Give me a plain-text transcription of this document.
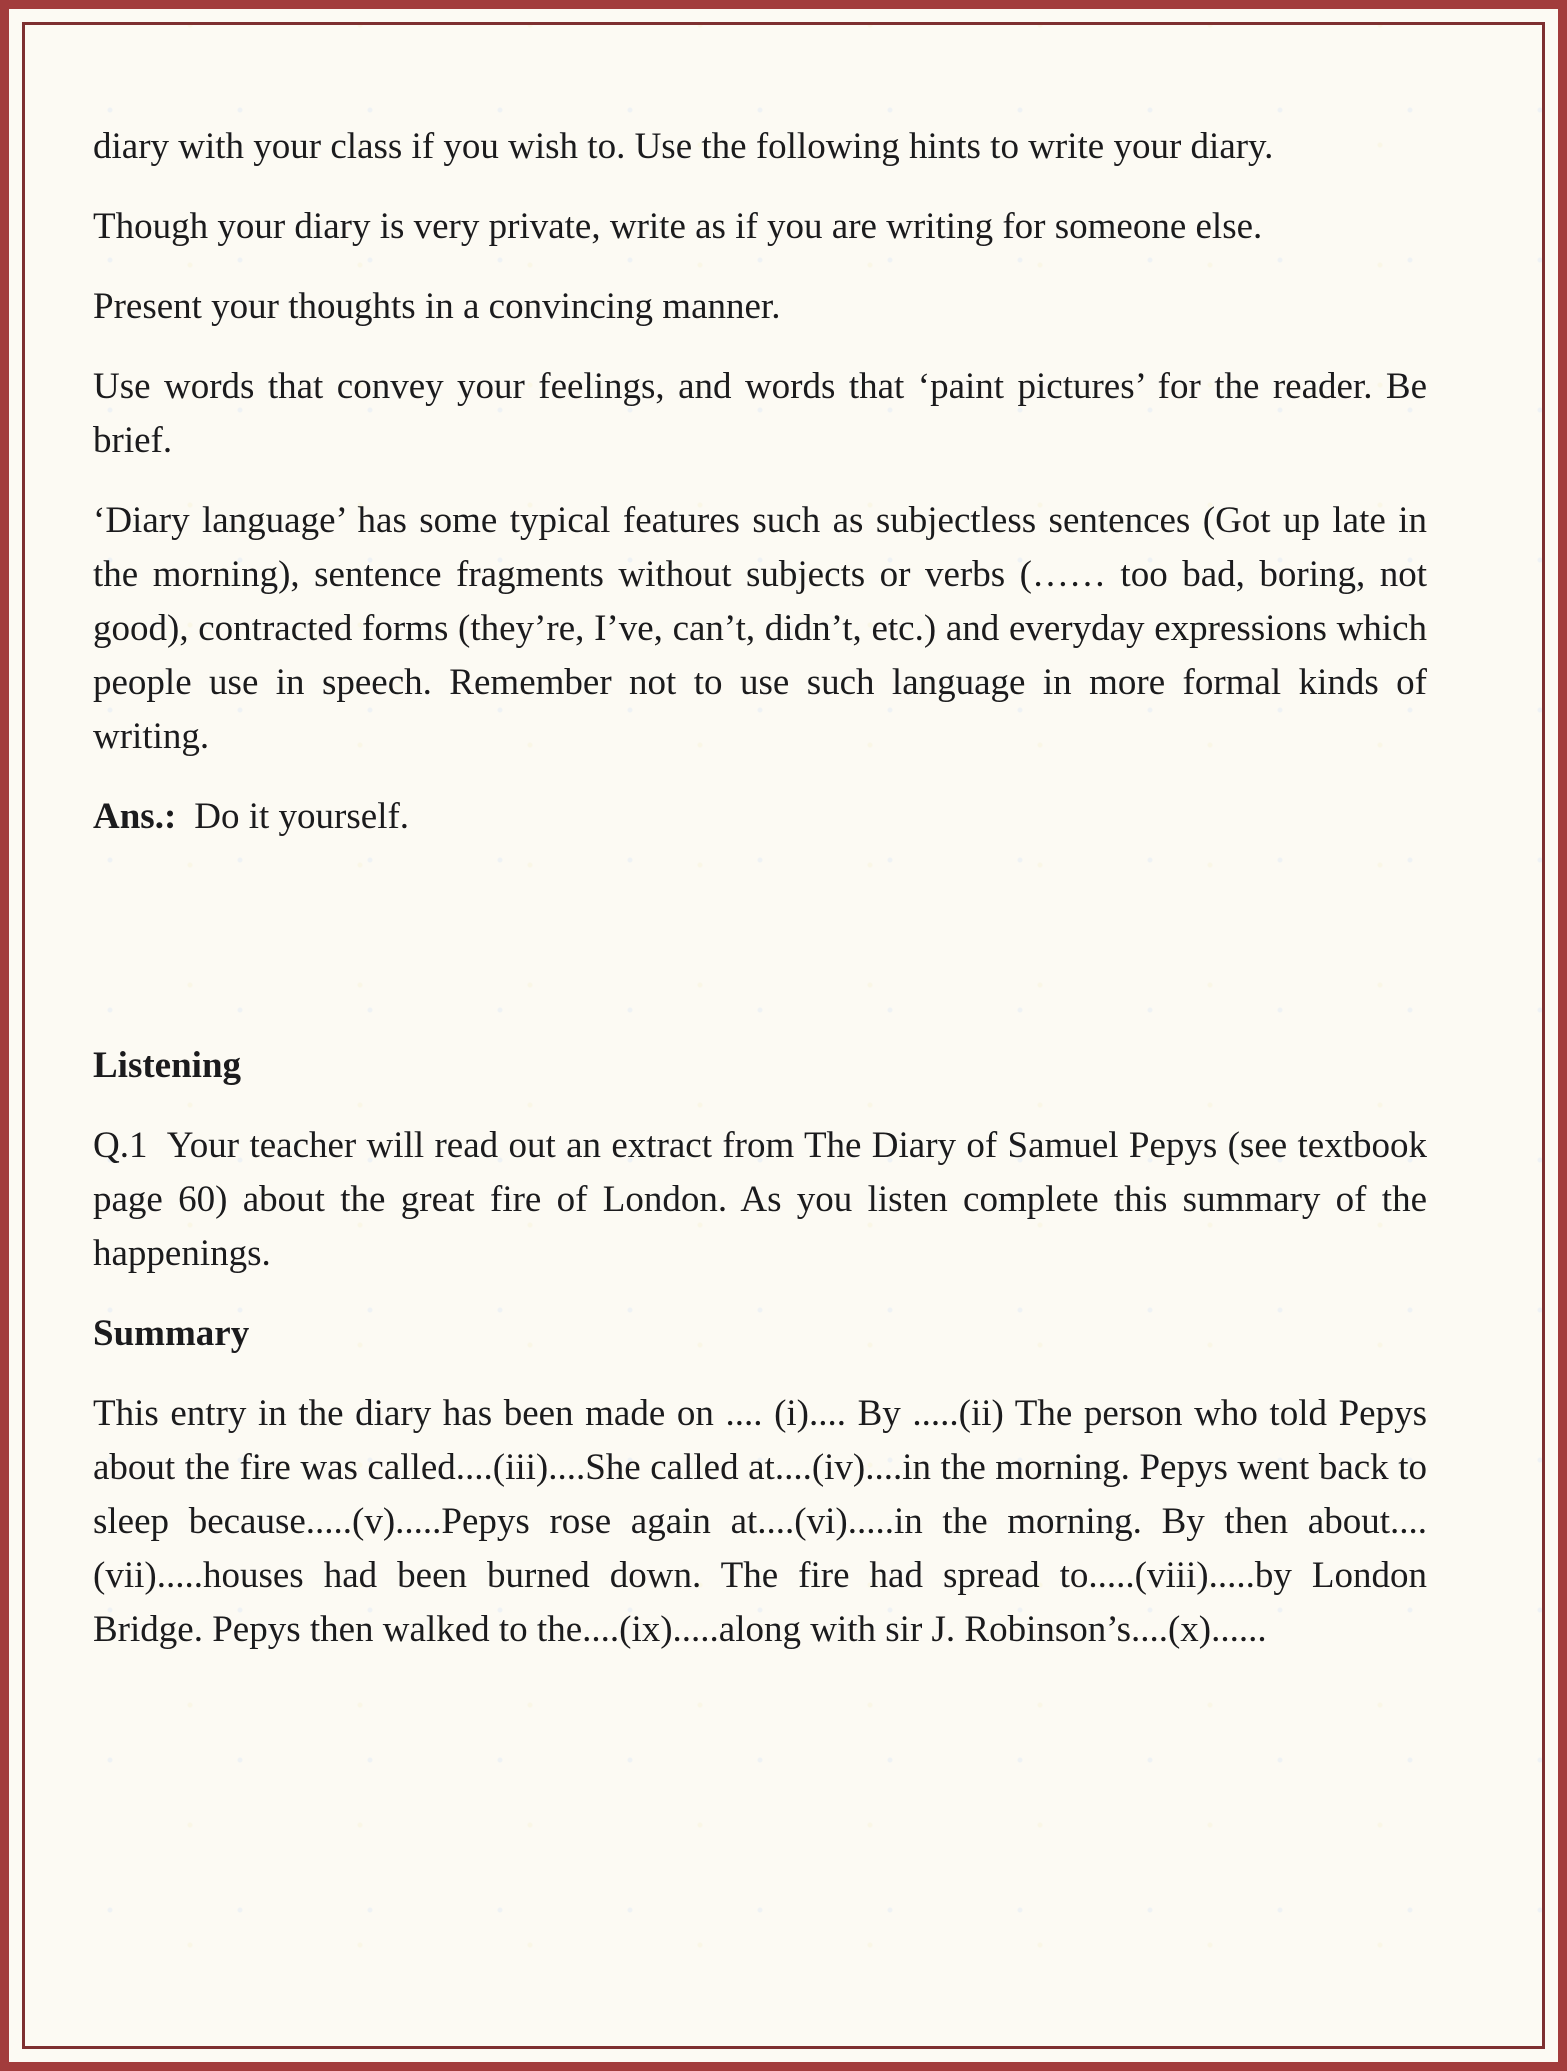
diary with your class if you wish to. Use the following hints to write your diary.

Though your diary is very private, write as if you are writing for someone else.

Present your thoughts in a convincing manner.

Use words that convey your feelings, and words that ‘paint pictures’ for the reader. Be brief.

‘Diary language’ has some typical features such as subjectless sentences (Got up late in the morning), sentence fragments without subjects or verbs (…… too bad, boring, not good), contracted forms (they’re, I’ve, can’t, didn’t, etc.) and everyday expressions which people use in speech. Remember not to use such language in more formal kinds of writing.

Ans.: Do it yourself.

Listening

Q.1  Your teacher will read out an extract from The Diary of Samuel Pepys (see textbook page 60) about the great fire of London. As you listen complete this summary of the happenings.

Summary

This entry in the diary has been made on .... (i).... By .....(ii) The person who told Pepys about the fire was called....(iii)....She called at....(iv)....in the morning. Pepys went back to sleep because.....(v).....Pepys rose again at....(vi).....in the morning. By then about....(vii).....houses had been burned down. The fire had spread to.....(viii).....by London Bridge. Pepys then walked to the....(ix).....along with sir J. Robinson’s....(x)......
